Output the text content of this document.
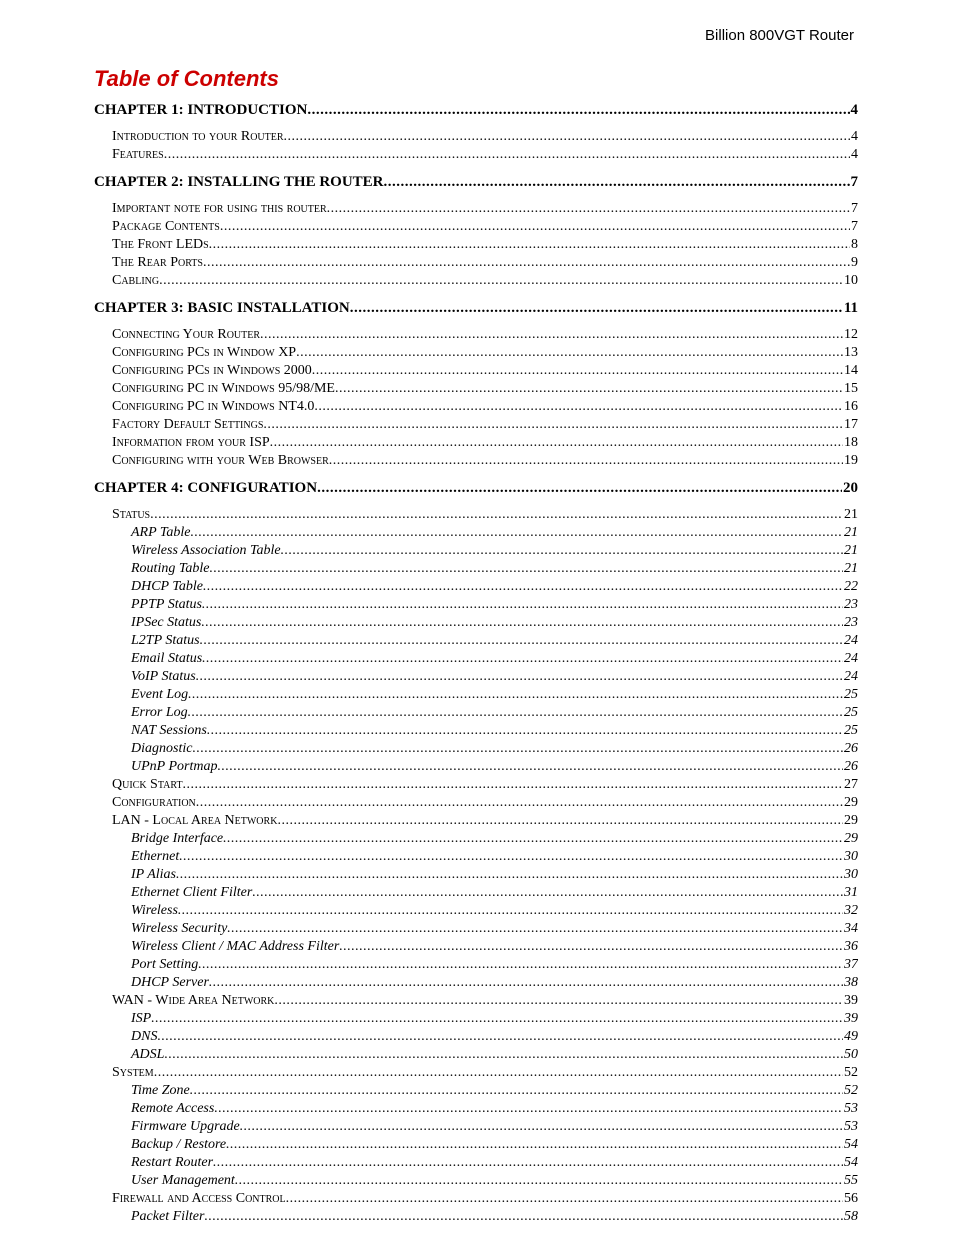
Billion 800VGT Router
Table of Contents
CHAPTER 1: INTRODUCTION .....	4
Introduction to your Router .....	4
Features .....	4
CHAPTER 2: INSTALLING THE ROUTER .....	7
Important note for using this router .....	7
Package Contents .....	7
The Front LEDs .....	8
The Rear Ports .....	9
Cabling .....	10
CHAPTER 3: BASIC INSTALLATION .....	11
Connecting Your Router .....	12
Configuring PCs in Window XP .....	13
Configuring PCs in Windows 2000 .....	14
Configuring PC in Windows 95/98/ME .....	15
Configuring PC in Windows NT4.0 .....	16
Factory Default Settings .....	17
Information from your ISP .....	18
Configuring with your Web Browser .....	19
CHAPTER 4: CONFIGURATION .....	20
Status .....	21
ARP Table .....	21
Wireless Association Table .....	21
Routing Table .....	21
DHCP Table .....	22
PPTP Status .....	23
IPSec Status .....	23
L2TP Status .....	24
Email Status .....	24
VoIP Status .....	24
Event Log .....	25
Error Log .....	25
NAT Sessions .....	25
Diagnostic .....	26
UPnP Portmap .....	26
Quick Start .....	27
Configuration .....	29
LAN - Local Area Network .....	29
Bridge Interface .....	29
Ethernet .....	30
IP Alias .....	30
Ethernet Client Filter .....	31
Wireless .....	32
Wireless Security .....	34
Wireless Client / MAC Address Filter .....	36
Port Setting .....	37
DHCP Server .....	38
WAN - Wide Area Network .....	39
ISP .....	39
DNS .....	49
ADSL .....	50
System .....	52
Time Zone .....	52
Remote Access .....	53
Firmware Upgrade .....	53
Backup / Restore .....	54
Restart Router .....	54
User Management .....	55
Firewall and Access Control .....	56
Packet Filter .....	58
